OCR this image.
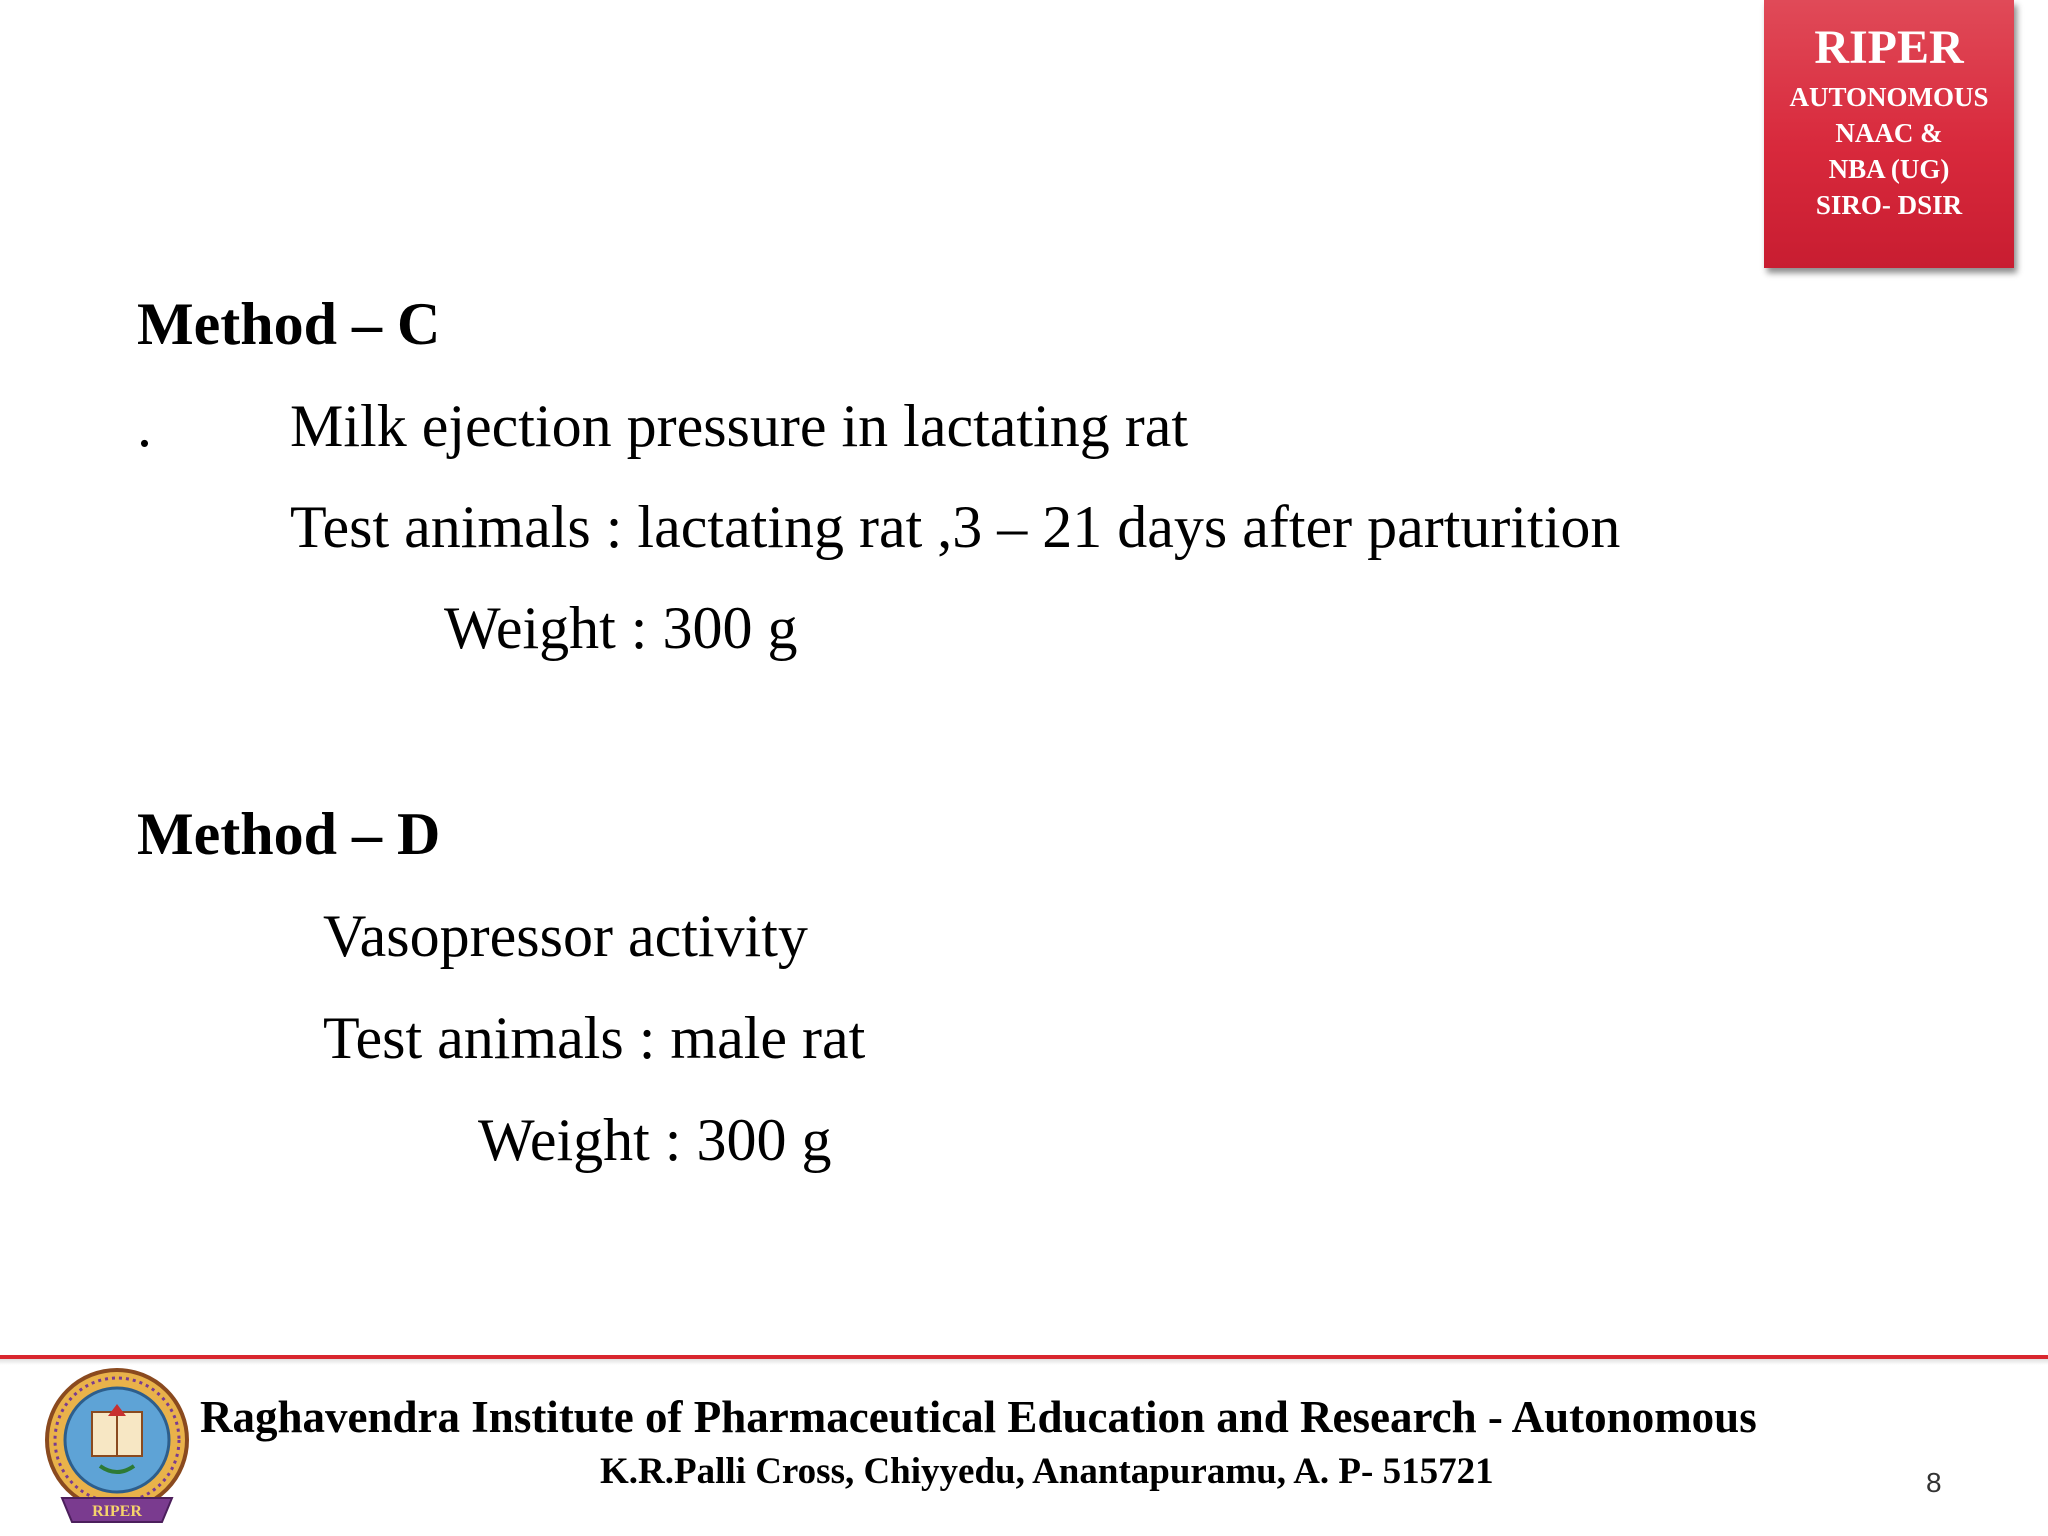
RIPER
AUTONOMOUS
NAAC &
NBA (UG)
SIRO- DSIR
Method – C
. Milk ejection pressure in lactating rat
Test animals : lactating rat ,3 – 21 days after parturition
Weight : 300 g
Method – D
Vasopressor activity
Test animals : male rat
Weight : 300 g
RIPER
Raghavendra Institute of Pharmaceutical Education and Research - Autonomous
K.R.Palli Cross, Chiyyedu, Anantapuramu, A. P- 515721	8
